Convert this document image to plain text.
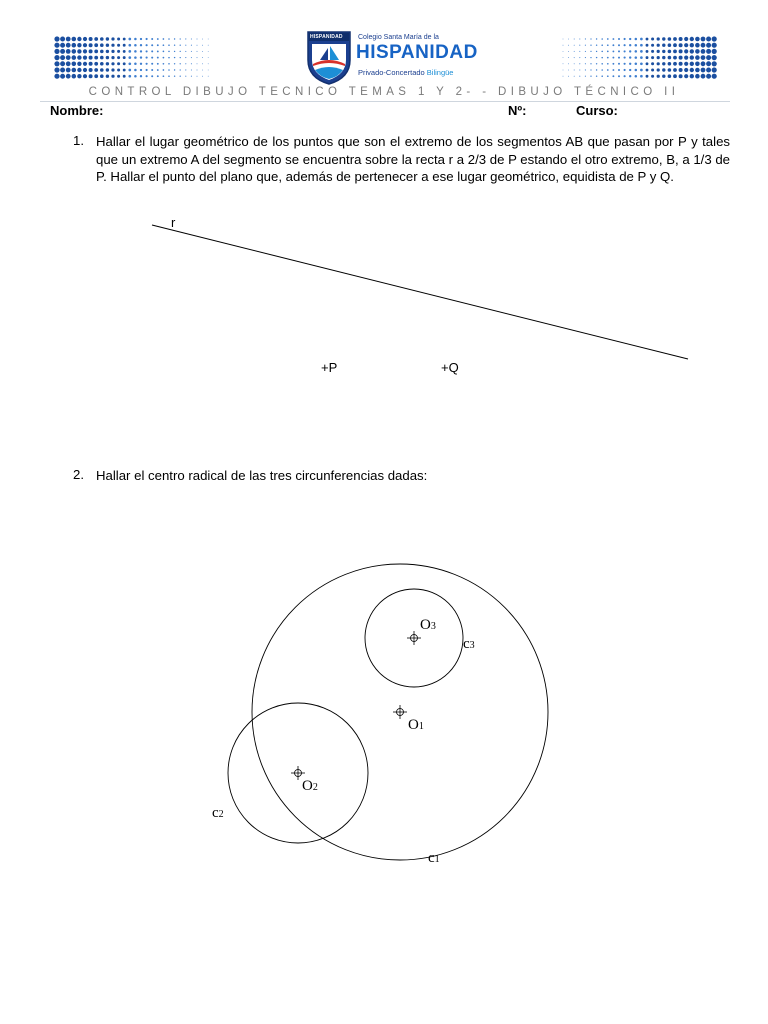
HISPANIDAD Colegio Santa María de la
HISPANIDAD
Privado-Concertado Bilingüe
CONTROL DIBUJO TECNICO TEMAS 1 Y 2- - DIBUJO TÉCNICO II
Nombre:	Nº:	Curso:
1. Hallar el lugar geométrico de los puntos que son el extremo de los segmentos AB que pasan por P y tales que un extremo A del segmento se encuentra sobre la recta r a 2/3 de P estando el otro extremo, B, a 1/3 de P. Hallar el punto del plano que, además de pertenecer a ese lugar geométrico, equidista de P y Q.
2. Hallar el centro radical de las tres circunferencias dadas:
r
+P	+Q
O1
O2
O3
c1
c2
c3
